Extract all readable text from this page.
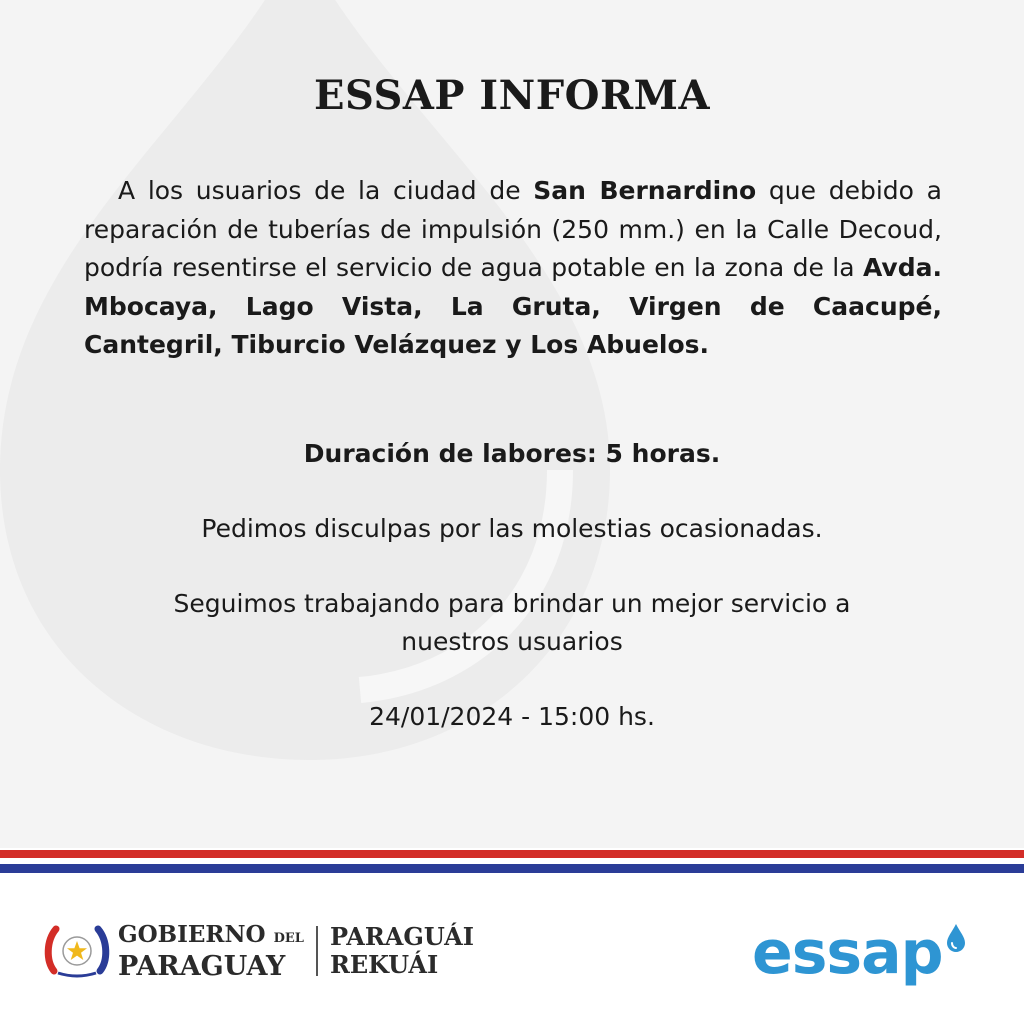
ESSAP INFORMA

A los usuarios de la ciudad de San Bernardino que debido a reparación de tuberías de impulsión (250 mm.) en la Calle Decoud, podría resentirse el servicio de agua potable en la zona de la Avda. Mbocaya, Lago Vista, La Gruta, Virgen de Caacupé, Cantegril, Tiburcio Velázquez y Los Abuelos.

Duración de labores: 5 horas.

Pedimos disculpas por las molestias ocasionadas.

Seguimos trabajando para brindar un mejor servicio a
nuestros usuarios

24/01/2024 - 15:00 hs.

GOBIERNO DEL
PARAGUAY
PARAGUÁI
REKUÁI	essap
